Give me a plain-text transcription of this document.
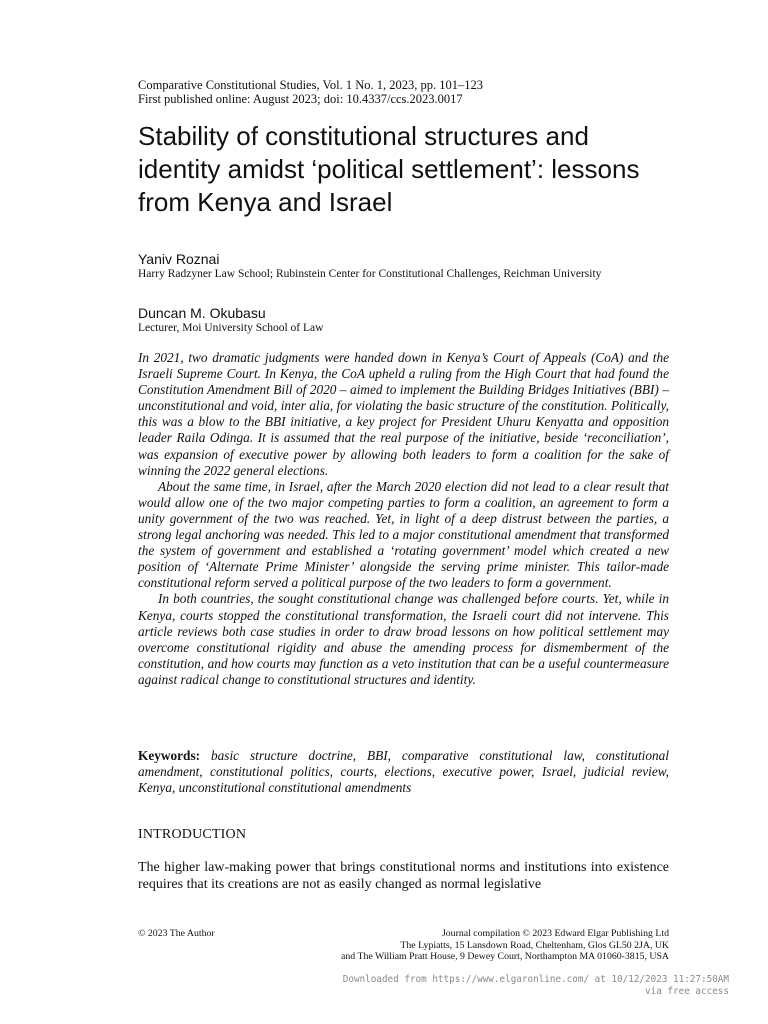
Comparative Constitutional Studies, Vol. 1 No. 1, 2023, pp. 101–123
First published online: August 2023; doi: 10.4337/ccs.2023.0017
Stability of constitutional structures and identity amidst ‘political settlement’: lessons from Kenya and Israel
Yaniv Roznai
Harry Radzyner Law School; Rubinstein Center for Constitutional Challenges, Reichman University
Duncan M. Okubasu
Lecturer, Moi University School of Law

In 2021, two dramatic judgments were handed down in Kenya’s Court of Appeals (CoA) and the Israeli Supreme Court. In Kenya, the CoA upheld a ruling from the High Court that had found the Constitution Amendment Bill of 2020 – aimed to implement the Building Bridges Initiatives (BBI) – unconstitutional and void, inter alia, for violating the basic structure of the constitution. Politically, this was a blow to the BBI initiative, a key project for President Uhuru Kenyatta and opposition leader Raila Odinga. It is assumed that the real purpose of the initiative, beside ‘reconciliation’, was expansion of executive power by allowing both leaders to form a coalition for the sake of winning the 2022 general elections.

About the same time, in Israel, after the March 2020 election did not lead to a clear result that would allow one of the two major competing parties to form a coalition, an agreement to form a unity government of the two was reached. Yet, in light of a deep distrust between the parties, a strong legal anchoring was needed. This led to a major constitutional amendment that transformed the system of government and established a ‘rotating government’ model which created a new position of ‘Alternate Prime Minister’ alongside the serving prime minister. This tailor-made constitutional reform served a political purpose of the two leaders to form a government.

In both countries, the sought constitutional change was challenged before courts. Yet, while in Kenya, courts stopped the constitutional transformation, the Israeli court did not intervene. This article reviews both case studies in order to draw broad lessons on how political settlement may overcome constitutional rigidity and abuse the amending process for dismemberment of the constitution, and how courts may function as a veto institution that can be a useful countermeasure against radical change to constitutional structures and identity.

Keywords: basic structure doctrine, BBI, comparative constitutional law, constitutional amendment, constitutional politics, courts, elections, executive power, Israel, judicial review, Kenya, unconstitutional constitutional amendments
INTRODUCTION
The higher law-making power that brings constitutional norms and institutions into existence requires that its creations are not as easily changed as normal legislative
© 2023 The Author	Journal compilation © 2023 Edward Elgar Publishing Ltd
The Lypiatts, 15 Lansdown Road, Cheltenham, Glos GL50 2JA, UK
and The William Pratt House, 9 Dewey Court, Northampton MA 01060-3815, USA
Downloaded from https://www.elgaronline.com/ at 10/12/2023 11:27:50AM
via free access
